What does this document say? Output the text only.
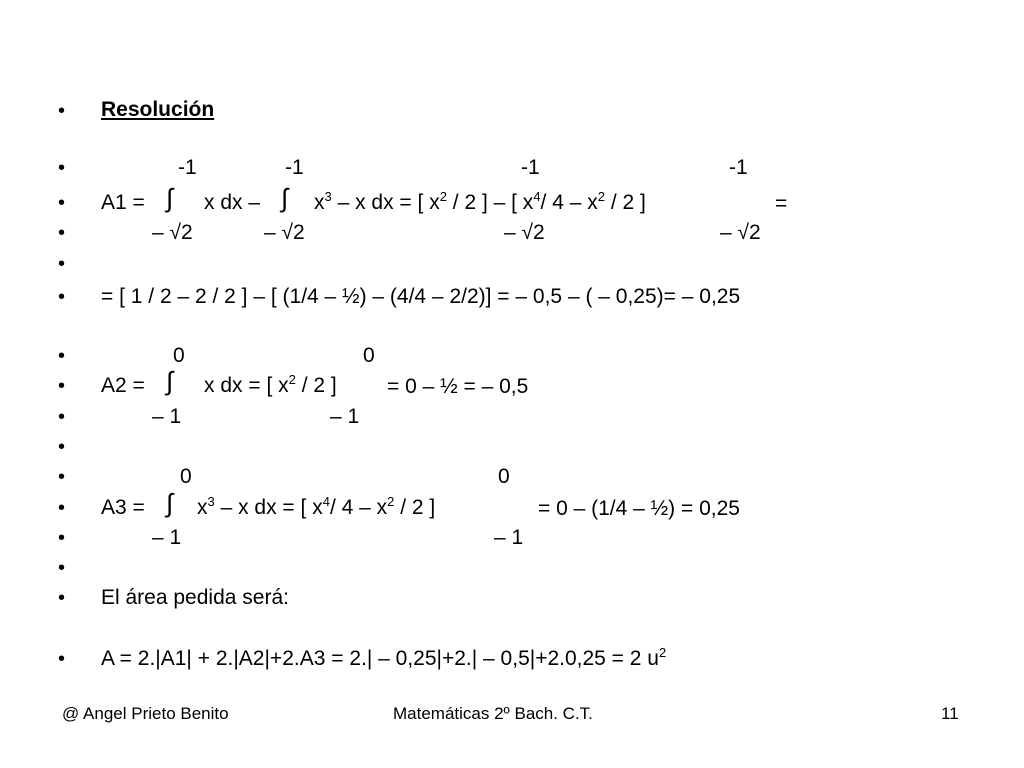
•
•
•
•
•
•
•
•
•
•
•
•
•
•
•
•
Resolución
-1	-1	-1	-1
A1 = ∫ x dx – ∫ $x^3$ – x dx = [ $x^2 / 2$ ] – [ $x^4/$ $4 - x^2 / 2$ ]	=
– √2	– √2	– √2	– √2
= [ 1 / 2 – 2 / 2 ] – [ (1/4 – ½) – (4/4 – 2/2)] = – 0,5 – ( – 0,25)= – 0,25
0	0
A2 = ∫ x dx = [ $x^2 / 2$ ] = 0 – ½ = – 0,5
– 1	– 1
0	0
A3 = ∫ $x^3$ – x dx = [ $x^4/$ $4 - x^2 / 2$ ]	= 0 – (1/4 – ½) = 0,25
– 1	– 1
El área pedida será:
A = 2.|A1| + 2.|A2|+2.A3 = 2.| – 0,25|+2.| – 0,5|+2.0,25 = 2 $u^2$
@ Angel Prieto Benito	Matemáticas 2º Bach. C.T.	11
